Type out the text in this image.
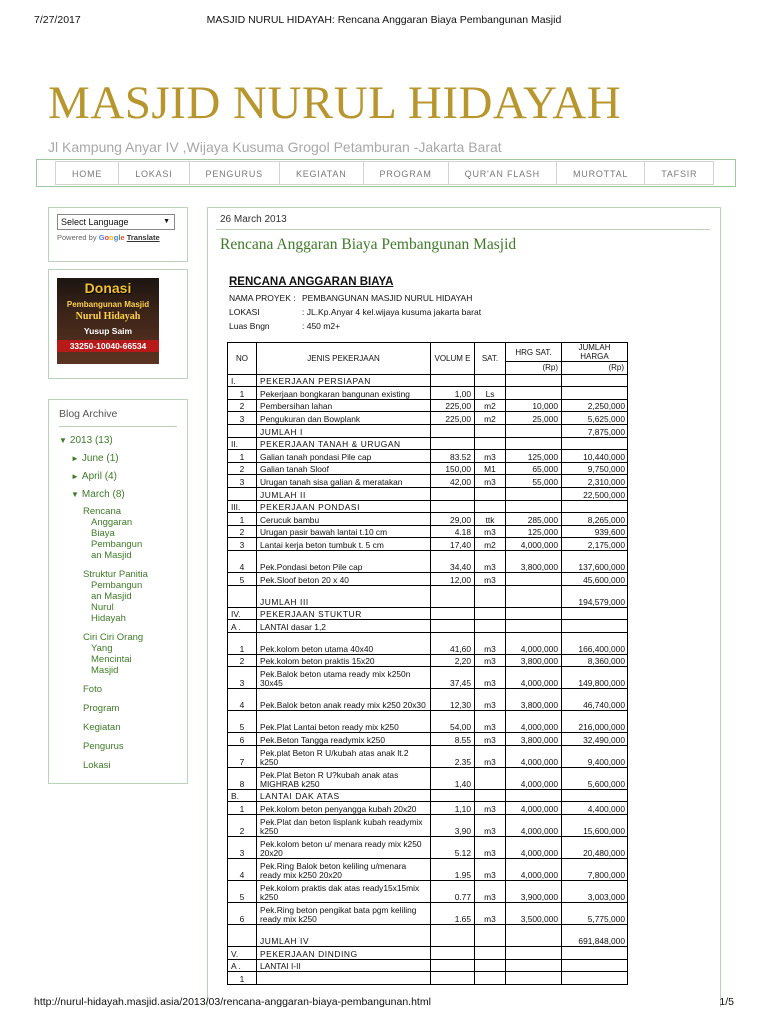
7/27/2017	MASJID NURUL HIDAYAH: Rencana Anggaran Biaya Pembangunan Masjid
MASJID NURUL HIDAYAH
Jl Kampung Anyar IV ,Wijaya Kusuma Grogol Petamburan -Jakarta Barat
HOME	LOKASI	PENGURUS	KEGIATAN	PROGRAM	QUR'AN FLASH	MUROTTAL	TAFSIR
Select Language	▼
Powered by Google Translate
Donasi
Pembangunan Masjid
Nurul Hidayah
Yusup Saim
33250-10040-66534
Blog Archive
▼ 2013 (13)
► June (1)
► April (4)
▼ March (8)
Rencana
Anggaran
Biaya
Pembangun
an Masjid
Struktur Panitia
Pembangun
an Masjid
Nurul
Hidayah
Ciri Ciri Orang
Yang
Mencintai
Masjid
Foto
Program
Kegiatan
Pengurus
Lokasi
26 March 2013
Rencana Anggaran Biaya Pembangunan Masjid
RENCANA ANGGARAN BIAYA
NAMA PROYEK : PEMBANGUNAN MASJID NURUL HIDAYAH
LOKASI	: JL.Kp.Anyar 4 kel.wijaya kusuma jakarta barat
Luas Bngn	: 450 m2+
NO	JENIS PEKERJAAN	VOLUM E	SAT.	HRG SAT.	JUMLAH HARGA
				(Rp)	(Rp)
I.	PEKERJAAN PERSIAPAN				
1	Pekerjaan bongkaran bangunan existing	1,00	Ls		
2	Pembersihan lahan	225,00	m2	10,000	2,250,000
3	Pengukuran dan Bowplank	225,00	m2	25,000	5,625,000
	JUMLAH I				7,875,000
II.	PEKERJAAN TANAH & URUGAN				
1	Galian tanah pondasi Pile cap	83.52	m3	125,000	10,440,000
2	Galian tanah Sloof	150,00	M1	65,000	9,750,000
3	Urugan tanah sisa galian & meratakan	42,00	m3	55,000	2,310,000
	JUMLAH II				22,500,000
III.	PEKERJAAN PONDASI				
1	Cerucuk bambu	29,00	ttk	285,000	8,265,000
2	Urugan pasir bawah lantai t.10 cm	4.18	m3	125,000	939,600
3	Lantai kerja beton tumbuk t. 5 cm	17,40	m2	4,000,000	2,175,000
4	Pek.Pondasi beton Pile cap	34,40	m3	3,800,000	137,600,000
5	Pek.Sloof beton 20 x 40	12,00	m3		45,600,000
	JUMLAH III				194,579,000
IV.	PEKERJAAN STUKTUR				
A .	LANTAI dasar 1,2				
1	Pek.kolom beton utama 40x40	41,60	m3	4,000,000	166,400,000
2	Pek.kolom beton praktis 15x20	2,20	m3	3,800,000	8,360,000
3	Pek.Balok beton utama ready mix k250n 30x45	37,45	m3	4,000,000	149,800,000
4	Pek.Balok beton anak ready mix k250 20x30	12,30	m3	3,800,000	46,740,000
5	Pek.Plat Lantai beton ready mix k250	54,00	m3	4,000,000	216,000,000
6	Pek.Beton Tangga readymix k250	8.55	m3	3,800,000	32,490,000
7	Pek.plat Beton R U/kubah atas anak lt.2 k250	2.35	m3	4,000,000	9,400,000
8	Pek.Plat Beton R U?kubah anak atas MIGHRAB k250	1,40		4,000,000	5,600,000
B.	LANTAI DAK ATAS				
1	Pek.kolom beton penyangga kubah 20x20	1,10	m3	4,000,000	4,400,000
2	Pek.Plat dan beton lisplank kubah readymix k250	3,90	m3	4,000,000	15,600,000
3	Pek.kolom beton u/ menara ready mix k250 20x20	5.12	m3	4,000,000	20,480,000
4	Pek.Ring Balok beton keliling u/menara ready mix k250 20x20	1.95	m3	4,000,000	7,800,000
5	Pek.kolom praktis dak atas ready15x15mix k250	0.77	m3	3,900,000	3,003,000
6	Pek.Ring beton pengikat bata pgm keliling ready mix k250	1.65	m3	3,500,000	5,775,000
	JUMLAH IV				691,848,000
V.	PEKERJAAN DINDING				
A .	LANTAI I-II				
1					
http://nurul-hidayah.masjid.asia/2013/03/rencana-anggaran-biaya-pembangunan.html	1/5
